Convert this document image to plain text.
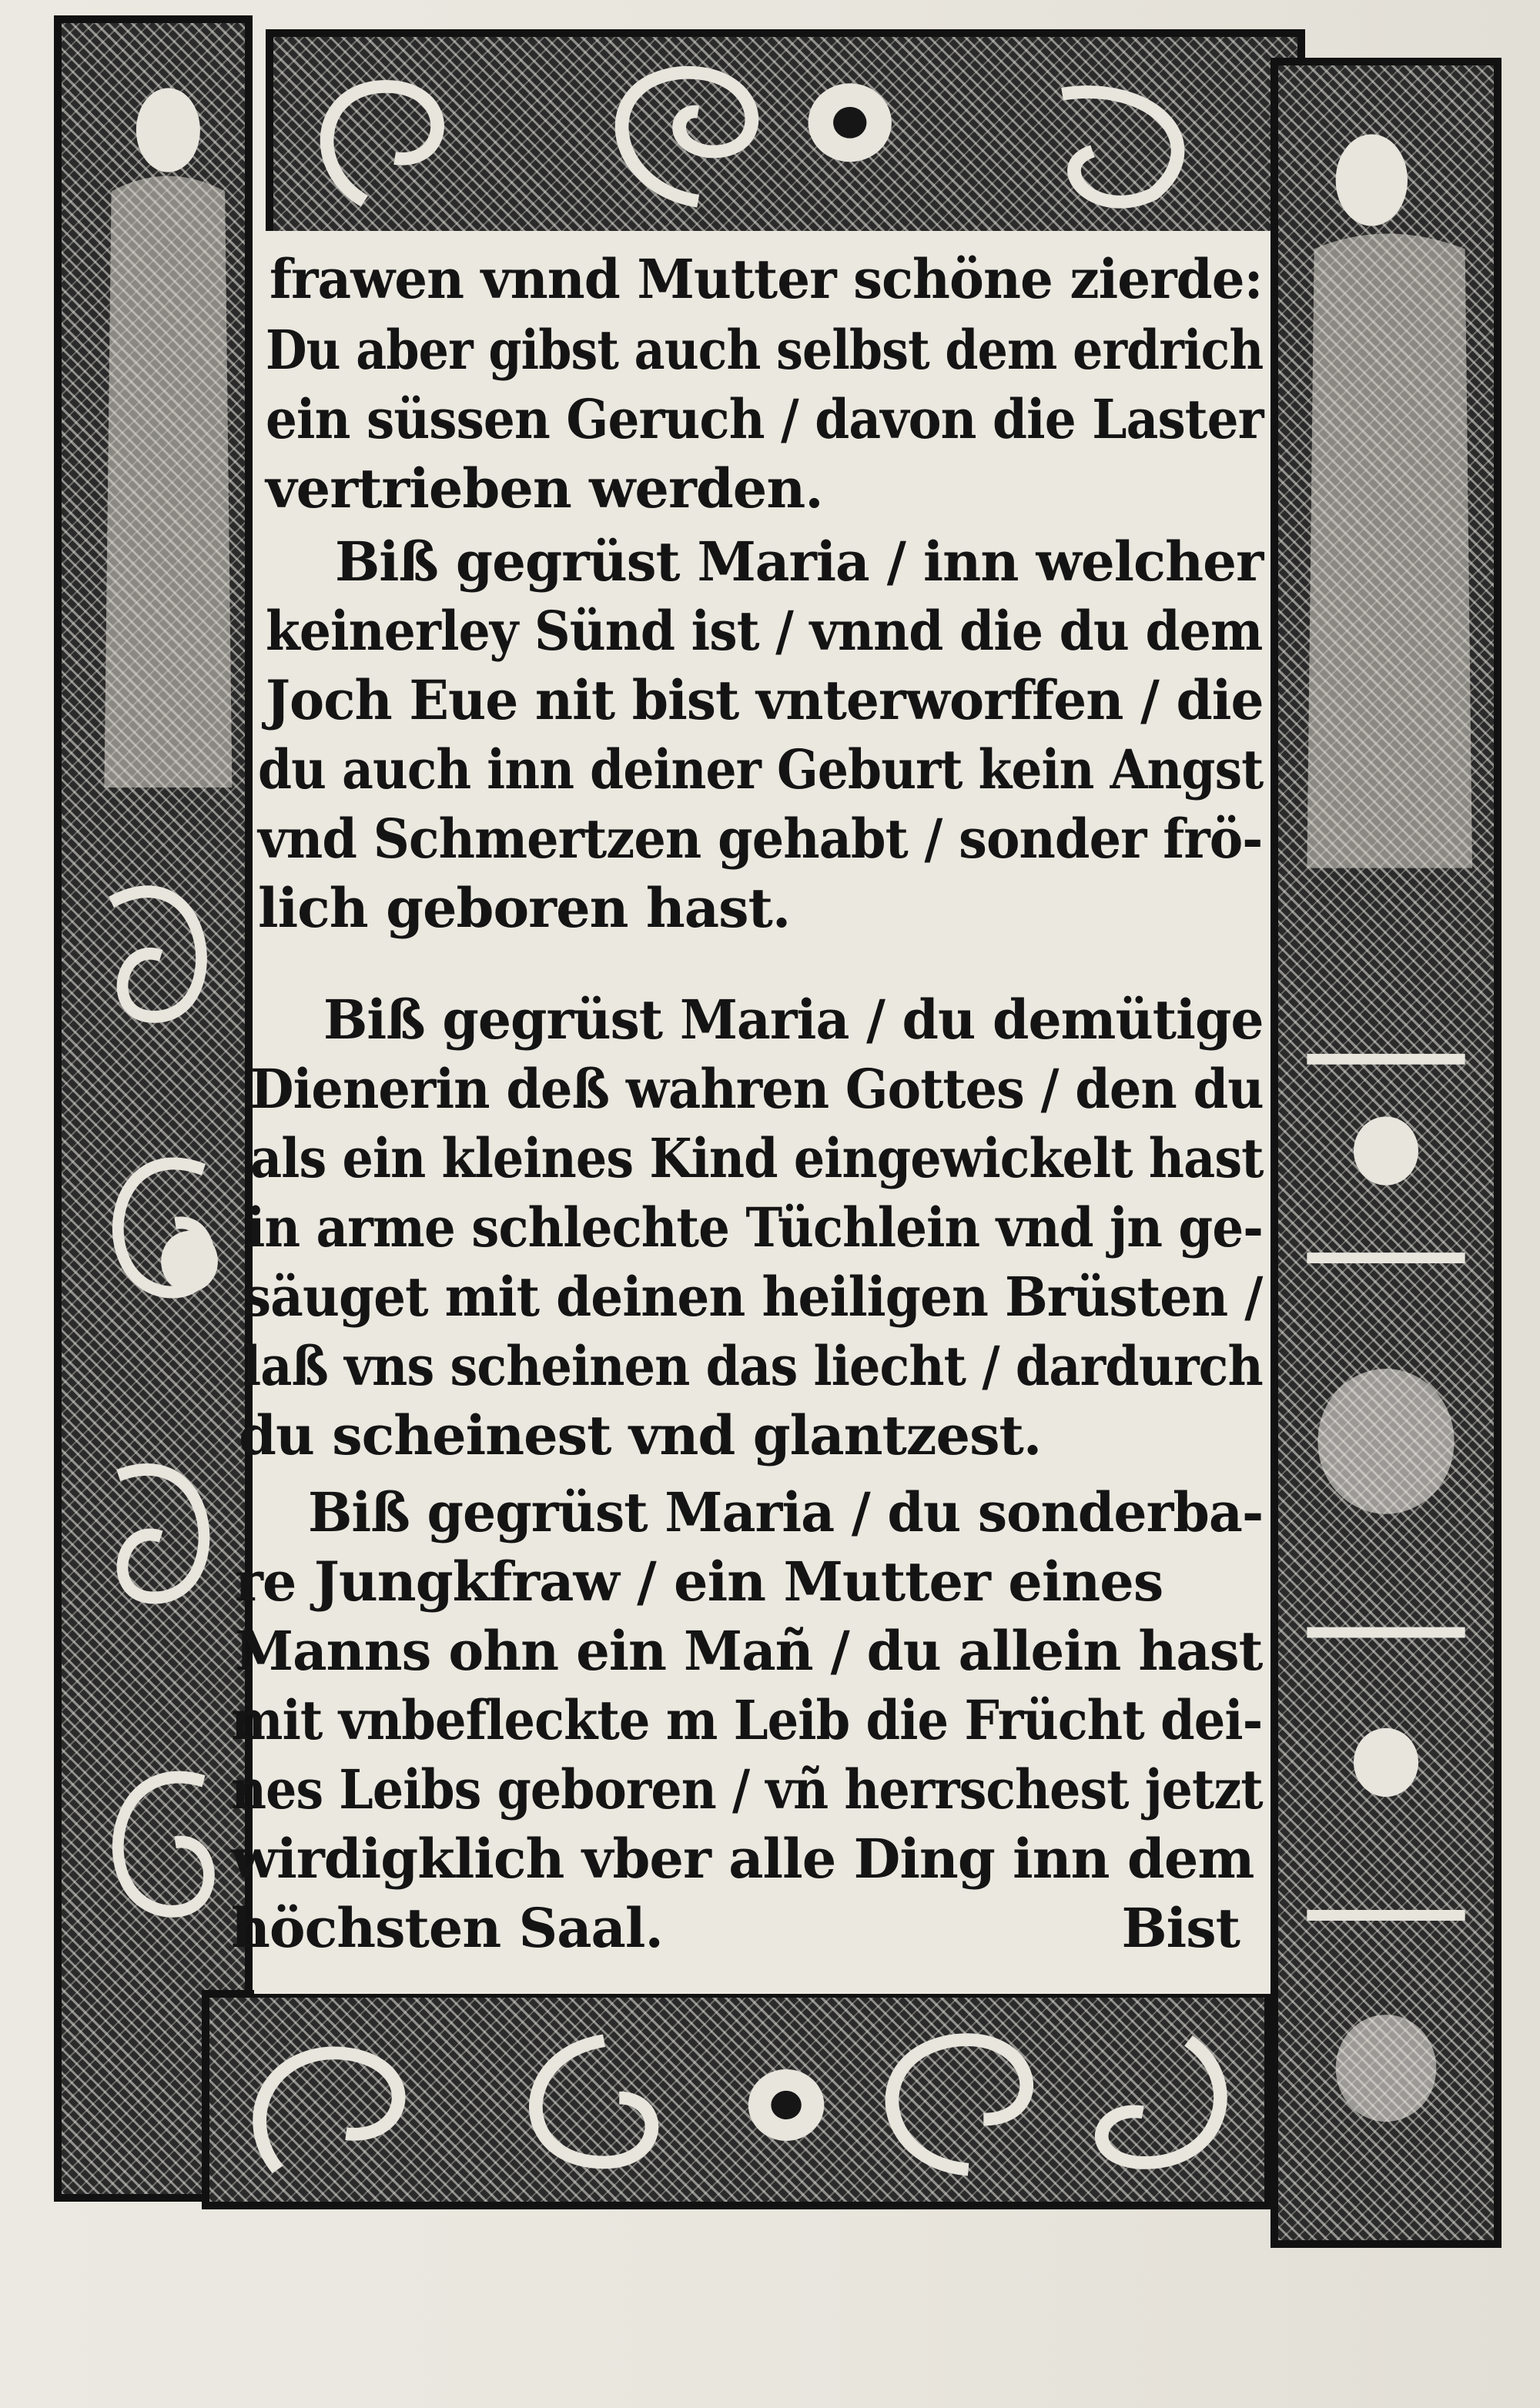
frawen vnnd Mutter schöne zierde:
Du aber gibst auch selbst dem erdrich
ein süssen Geruch / davon die Laster
vertrieben werden.
Biß gegrüst Maria / inn welcher
keinerley Sünd ist / vnnd die du dem
Joch Eue nit bist vnterworffen / die
du auch inn deiner Geburt kein Angst
vnd Schmertzen gehabt / sonder frö-
lich geboren hast.
Biß gegrüst Maria / du demütige
Dienerin deß wahren Gottes / den du
als ein kleines Kind eingewickelt hast
in arme schlechte Tüchlein vnd jn ge-
säuget mit deinen heiligen Brüsten /
laß vns scheinen das liecht / dardurch
du scheinest vnd glantzest.
Biß gegrüst Maria / du sonderba-
re Jungkfraw / ein Mutter eines
Manns ohn ein Mañ / du allein hast
mit vnbefleckte m Leib die Frücht dei-
nes Leibs geboren / vñ herrschest jetzt
wirdigklich vber alle Ding inn dem
höchsten Saal.	Bist
